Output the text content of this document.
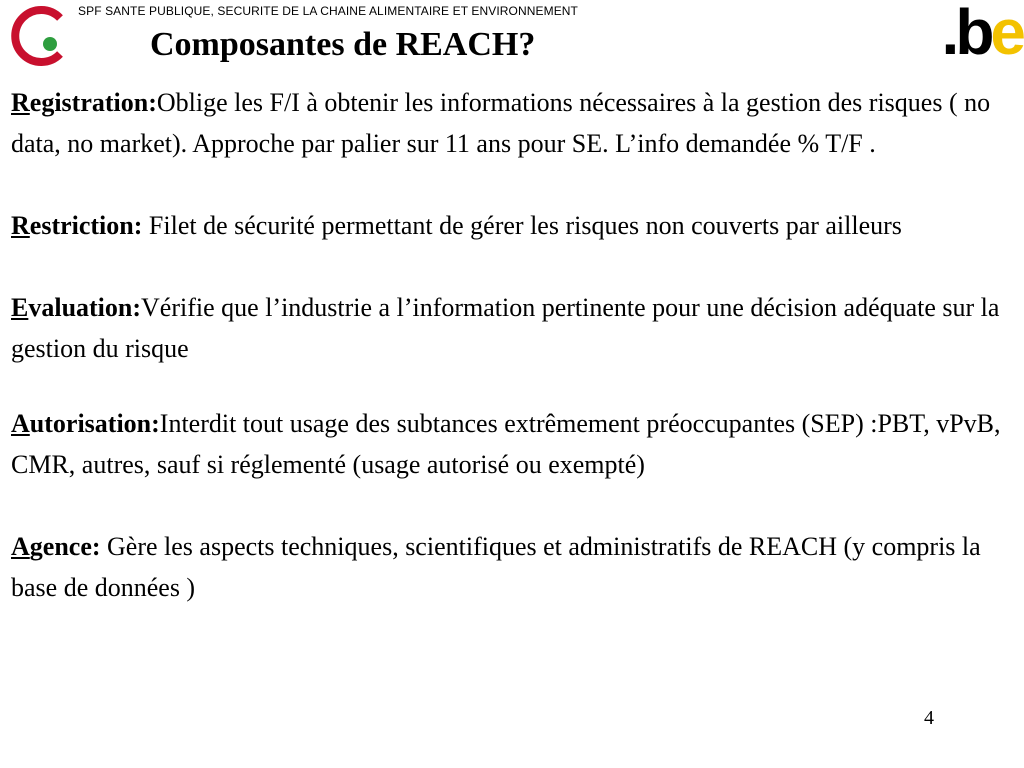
SPF SANTE PUBLIQUE, SECURITE DE LA CHAINE ALIMENTAIRE ET ENVIRONNEMENT
Composantes de REACH?	.be

Registration:Oblige les F/I à obtenir les informations nécessaires à la gestion des risques ( no data, no market). Approche par palier sur 11 ans pour SE. L’info demandée % T/F .

Restriction: Filet de sécurité permettant de gérer les risques non couverts par ailleurs

Evaluation:Vérifie que l’industrie a l’information pertinente pour une décision adéquate sur la gestion du risque

Autorisation:Interdit tout usage des subtances extrêmement préoccupantes (SEP) :PBT, vPvB, CMR, autres, sauf si réglementé (usage autorisé ou exempté)

Agence: Gère les aspects techniques, scientifiques et administratifs de REACH (y compris la base de données )

4
